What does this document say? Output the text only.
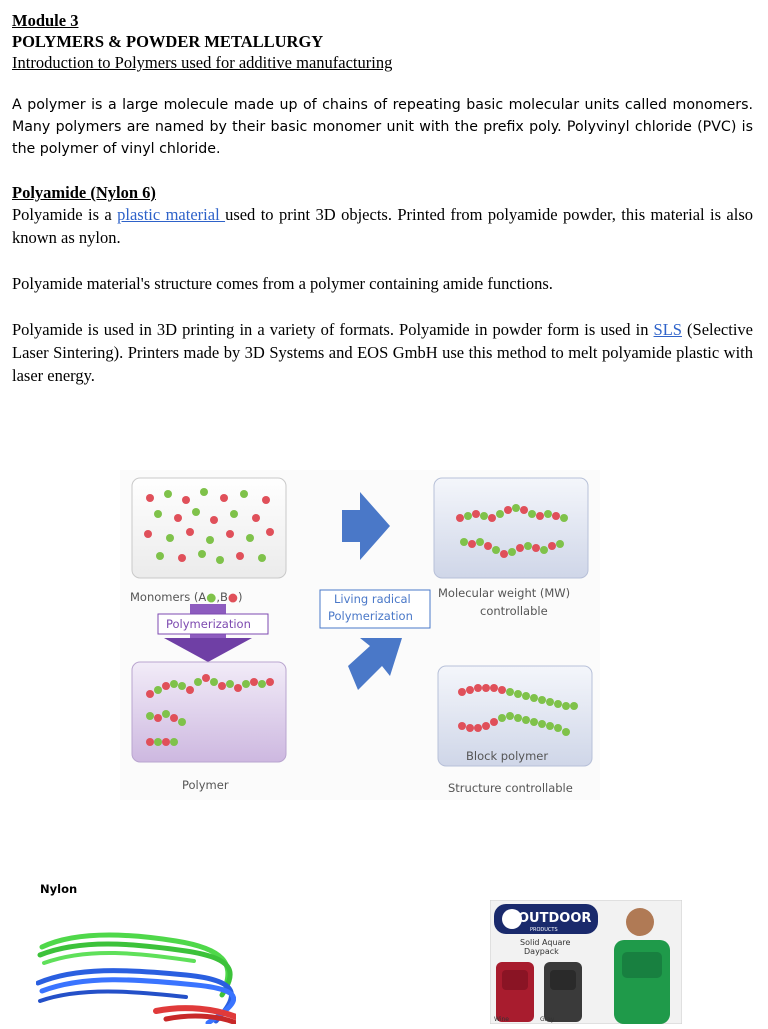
Module 3
POLYMERS & POWDER METALLURGY
Introduction to Polymers used for additive manufacturing
A polymer is a large molecule made up of chains of repeating basic molecular units called monomers. Many polymers are named by their basic monomer unit with the prefix poly. Polyvinyl chloride (PVC) is the polymer of vinyl chloride.
Polyamide (Nylon 6)
Polyamide is a plastic material used to print 3D objects. Printed from polyamide powder, this material is also known as nylon.
Polyamide material's structure comes from a polymer containing amide functions.
Polyamide is used in 3D printing in a variety of formats. Polyamide in powder form is used in SLS (Selective Laser Sintering). Printers made by 3D Systems and EOS GmbH use this method to melt polyamide plastic with laser energy.
Monomers (A●,B●)
Polymerization
Living radical
Polymerization
Molecular weight (MW)
controllable
Block polymer
Polymer	Structure controllable
Nylon
OUTDOOR
PRODUCTS
Solid Aquare
Daypack
Wine	Gray
